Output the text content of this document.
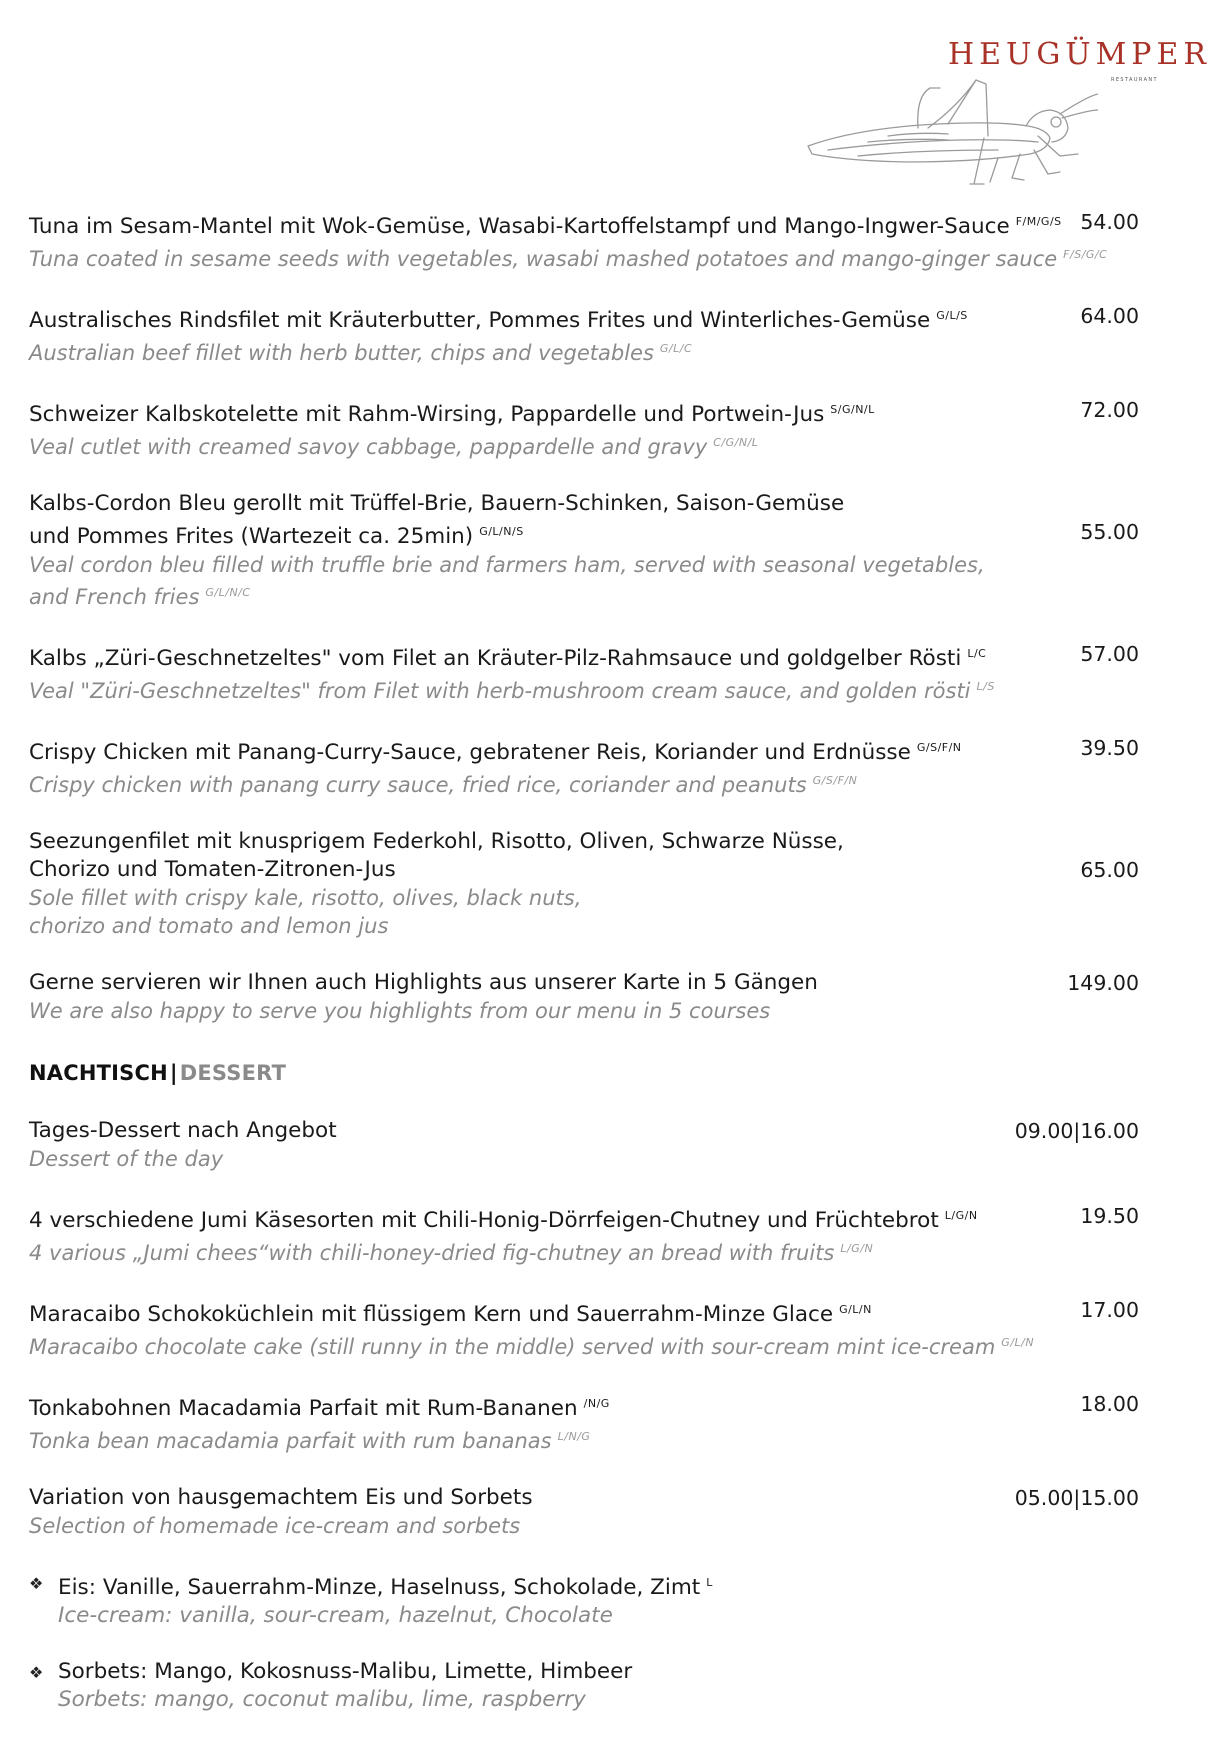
HEUGÜMPER
RESTAURANT
Tuna im Sesam-Mantel mit Wok-Gemüse, Wasabi-Kartoffelstampf und Mango-Ingwer-Sauce $^{F/M/G/S}$ 54.00
Tuna coated in sesame seeds with vegetables, wasabi mashed potatoes and mango-ginger sauce $^{F/S/G/C}$
Australisches Rindsfilet mit Kräuterbutter, Pommes Frites und Winterliches-Gemüse $^{G/L/S}$	64.00
Australian beef fillet with herb butter, chips and vegetables $^{G/L/C}$
Schweizer Kalbskotelette mit Rahm-Wirsing, Pappardelle und Portwein-Jus $^{S/G/N/L}$	72.00
Veal cutlet with creamed savoy cabbage, pappardelle and gravy $^{C/G/N/L}$
Kalbs-Cordon Bleu gerollt mit Trüffel-Brie, Bauern-Schinken, Saison-Gemüse
und Pommes Frites (Wartezeit ca. 25min) $^{G/L/N/S}$	55.00
Veal cordon bleu filled with truffle brie and farmers ham, served with seasonal vegetables,
and French fries $^{G/L/N/C}$
Kalbs „Züri-Geschnetzeltes" vom Filet an Kräuter-Pilz-Rahmsauce und goldgelber Rösti $^{L/C}$	57.00
Veal "Züri-Geschnetzeltes" from Filet with herb-mushroom cream sauce, and golden rösti $^{L/S}$
Crispy Chicken mit Panang-Curry-Sauce, gebratener Reis, Koriander und Erdnüsse $^{G/S/F/N}$	39.50
Crispy chicken with panang curry sauce, fried rice, coriander and peanuts $^{G/S/F/N}$
Seezungenfilet mit knusprigem Federkohl, Risotto, Oliven, Schwarze Nüsse,
Chorizo und Tomaten-Zitronen-Jus	65.00
Sole fillet with crispy kale, risotto, olives, black nuts,
chorizo and tomato and lemon jus
Gerne servieren wir Ihnen auch Highlights aus unserer Karte in 5 Gängen	149.00
We are also happy to serve you highlights from our menu in 5 courses
NACHTISCH|DESSERT
Tages-Dessert nach Angebot	09.00|16.00
Dessert of the day
4 verschiedene Jumi Käsesorten mit Chili-Honig-Dörrfeigen-Chutney und Früchtebrot $^{L/G/N}$	19.50
4 various „Jumi chees“with chili-honey-dried fig-chutney an bread with fruits $^{L/G/N}$
Maracaibo Schokoküchlein mit flüssigem Kern und Sauerrahm-Minze Glace $^{G/L/N}$	17.00
Maracaibo chocolate cake (still runny in the middle) served with sour-cream mint ice-cream $^{G/L/N}$
Tonkabohnen Macadamia Parfait mit Rum-Bananen $^{/N/G}$	18.00
Tonka bean macadamia parfait with rum bananas $^{L/N/G}$
Variation von hausgemachtem Eis und Sorbets	05.00|15.00
Selection of homemade ice-cream and sorbets
❖ Eis: Vanille, Sauerrahm-Minze, Haselnuss, Schokolade, Zimt $^L$
Ice-cream: vanilla, sour-cream, hazelnut, Chocolate
❖ Sorbets: Mango, Kokosnuss-Malibu, Limette, Himbeer
Sorbets: mango, coconut malibu, lime, raspberry
